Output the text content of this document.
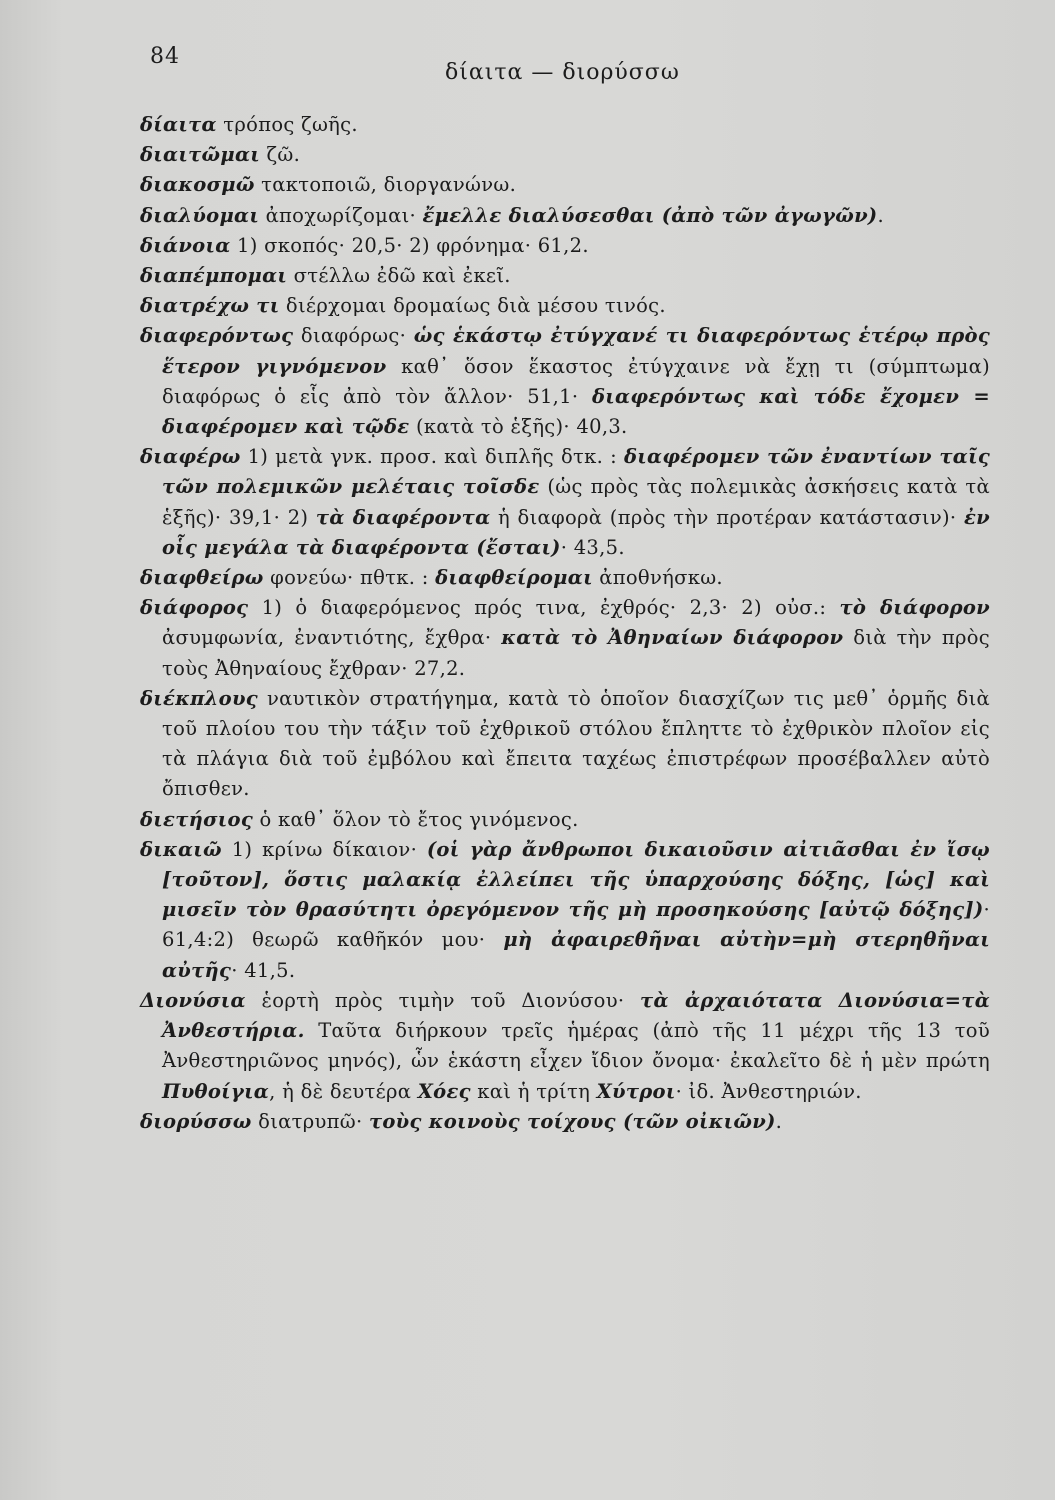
84
δίαιτα — διορύσσω
δίαιτα τρόπος ζωῆς.
διαιτῶμαι ζῶ.
διακοσμῶ τακτοποιῶ, διοργανώνω.
διαλύομαι ἀποχωρίζομαι· ἔμελλε διαλύσεσθαι (ἀπὸ τῶν ἀγωγῶν).
διάνοια 1) σκοπός· 20,5· 2) φρόνημα· 61,2.
διαπέμπομαι στέλλω ἐδῶ καὶ ἐκεῖ.
διατρέχω τι διέρχομαι δρομαίως διὰ μέσου τινός.
διαφερόντως διαφόρως· ὡς ἑκάστῳ ἐτύγχανέ τι διαφερόντως ἑτέρῳ πρὸς ἕτερον γιγνόμενον καθ᾽ ὅσον ἕκαστος ἐτύγχαινε νὰ ἔχῃ τι (σύμπτωμα) διαφόρως ὁ εἷς ἀπὸ τὸν ἄλλον· 51,1· διαφερόντως καὶ τόδε ἔχομεν = διαφέρομεν καὶ τῷδε (κατὰ τὸ ἑξῆς)· 40,3.
διαφέρω 1) μετὰ γνκ. προσ. καὶ διπλῆς δτκ. : διαφέρομεν τῶν ἐναντίων ταῖς τῶν πολεμικῶν μελέταις τοῖσδε (ὡς πρὸς τὰς πολεμικὰς ἀσκήσεις κατὰ τὰ ἑξῆς)· 39,1· 2) τὰ διαφέροντα ἡ διαφορὰ (πρὸς τὴν προτέραν κατάστασιν)· ἐν οἷς μεγάλα τὰ διαφέροντα (ἔσται)· 43,5.
διαφθείρω φονεύω· πθτκ. : διαφθείρομαι ἀποθνήσκω.
διάφορος 1) ὁ διαφερόμενος πρός τινα, ἐχθρός· 2,3· 2) οὐσ.: τὸ διάφορον ἀσυμφωνία, ἐναντιότης, ἔχθρα· κατὰ τὸ Ἀθηναίων διάφορον διὰ τὴν πρὸς τοὺς Ἀθηναίους ἔχθραν· 27,2.
διέκπλους ναυτικὸν στρατήγημα, κατὰ τὸ ὁποῖον διασχίζων τις μεθ᾽ ὁρμῆς διὰ τοῦ πλοίου του τὴν τάξιν τοῦ ἐχθρικοῦ στόλου ἔπληττε τὸ ἐχθρικὸν πλοῖον εἰς τὰ πλάγια διὰ τοῦ ἐμβόλου καὶ ἔπειτα ταχέως ἐπιστρέφων προσέβαλλεν αὐτὸ ὄπισθεν.
διετήσιος ὁ καθ᾽ ὅλον τὸ ἔτος γινόμενος.
δικαιῶ 1) κρίνω δίκαιον· (οἱ γὰρ ἄνθρωποι δικαιοῦσιν αἰτιᾶσθαι ἐν ἴσῳ [τοῦτον], ὅστις μαλακίᾳ ἐλλείπει τῆς ὑπαρχούσης δόξης, [ὡς] καὶ μισεῖν τὸν θρασύτητι ὀρεγόμενον τῆς μὴ προσηκούσης [αὐτῷ δόξης])· 61,4:2) θεωρῶ καθῆκόν μου· μὴ ἀφαιρεθῆναι αὐτὴν=μὴ στερηθῆναι αὐτῆς· 41,5.
Διονύσια ἑορτὴ πρὸς τιμὴν τοῦ Διονύσου· τὰ ἀρχαιότατα Διονύσια=τὰ Ἀνθεστήρια. Ταῦτα διήρκουν τρεῖς ἡμέρας (ἀπὸ τῆς 11 μέχρι τῆς 13 τοῦ Ἀνθεστηριῶνος μηνός), ὧν ἑκάστη εἶχεν ἴδιον ὄνομα· ἐκαλεῖτο δὲ ἡ μὲν πρώτη Πυθοίγια, ἡ δὲ δευτέρα Χόες καὶ ἡ τρίτη Χύτροι· ἰδ. Ἀνθεστηριών.
διορύσσω διατρυπῶ· τοὺς κοινοὺς τοίχους (τῶν οἰκιῶν).
